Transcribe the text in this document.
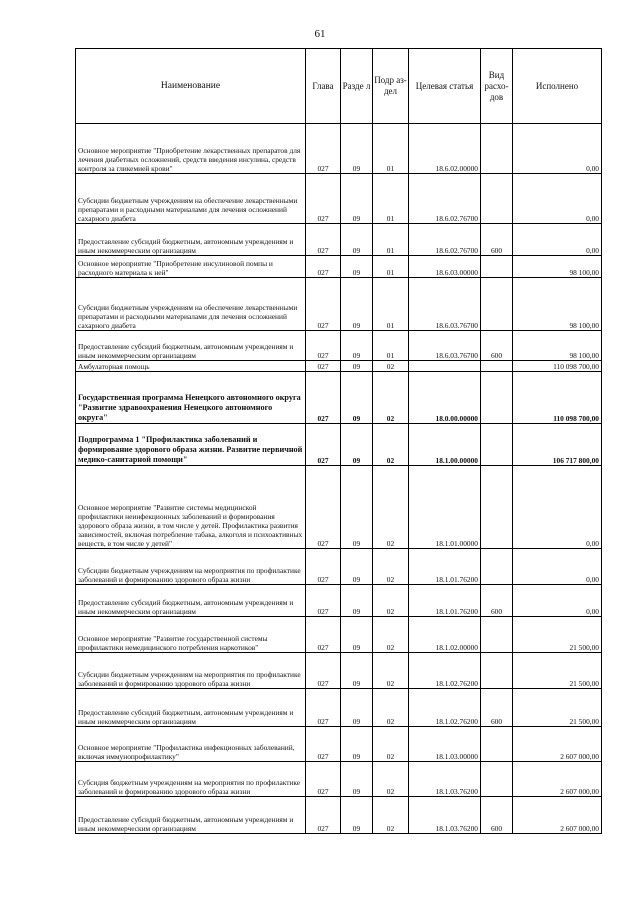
61
Наименование	Глава	Разде л	Подр аз-дел	Целевая статья	Вид расхо- дов	Исполнено
Основное мероприятие "Приобретение лекарственных препаратов для лечения диабетных осложнений, средств введения инсулина, средств контроля за гликемией крови"	027	09	01	18.6.02.00000		0,00
Субсидии бюджетным учреждениям на обеспечение лекарственными препаратами и расходными материалами для лечения осложнений сахарного диабета	027	09	01	18.6.02.76700		0,00
Предоставление субсидий бюджетным, автономным учреждениям и иным некоммерческим организациям	027	09	01	18.6.02.76700	600	0,00
Основное мероприятие "Приобретение инсулиновой помпы и расходного материала к ней"	027	09	01	18.6.03.00000		98 100,00
Субсидии бюджетным учреждениям на обеспечение лекарственными препаратами и расходными материалами для лечения осложнений сахарного диабета	027	09	01	18.6.03.76700		98 100,00
Предоставление субсидий бюджетным, автономным учреждениям и иным некоммерческим организациям	027	09	01	18.6.03.76700	600	98 100,00
Амбулаторная помощь	027	09	02			110 098 700,00
Государственная программа Ненецкого автономного округа "Развитие здравоохранения Ненецкого автономного округа"	027	09	02	18.0.00.00000		110 098 700,00
Подпрограмма 1 "Профилактика заболеваний и формирование здорового образа жизни. Развитие первичной медико-санитарной помощи"	027	09	02	18.1.00.00000		106 717 800,00
Основное мероприятие "Развитие системы медицинской профилактики неинфекционных заболеваний и формирования здорового образа жизни, в том числе у детей. Профилактика развития зависимостей, включая потребление табака, алкоголя и психоактивных веществ, в том числе у детей"	027	09	02	18.1.01.00000		0,00
Субсидии бюджетным учреждениям на мероприятия по профилактике заболеваний и формированию здорового образа жизни	027	09	02	18.1.01.76200		0,00
Предоставление субсидий бюджетным, автономным учреждениям и иным некоммерческим организациям	027	09	02	18.1.01.76200	600	0,00
Основное мероприятие "Развитие государственной системы профилактики немедицинского потребления наркотиков"	027	09	02	18.1.02.00000		21 500,00
Субсидии бюджетным учреждениям на мероприятия по профилактике заболеваний и формированию здорового образа жизни	027	09	02	18.1.02.76200		21 500,00
Предоставление субсидий бюджетным, автономным учреждениям и иным некоммерческим организациям	027	09	02	18.1.02.76200	600	21 500,00
Основное мероприятие "Профилактика инфекционных заболеваний, включая иммунопрофилактику"	027	09	02	18.1.03.00000		2 607 000,00
Субсидия бюджетным учреждениям на мероприятия по профилактике заболеваний и формированию здорового образа жизни	027	09	02	18.1.03.76200		2 607 000,00
Предоставление субсидий бюджетным, автономным учреждениям и иным некоммерческим организациям	027	09	02	18.1.03.76200	600	2 607 000,00
